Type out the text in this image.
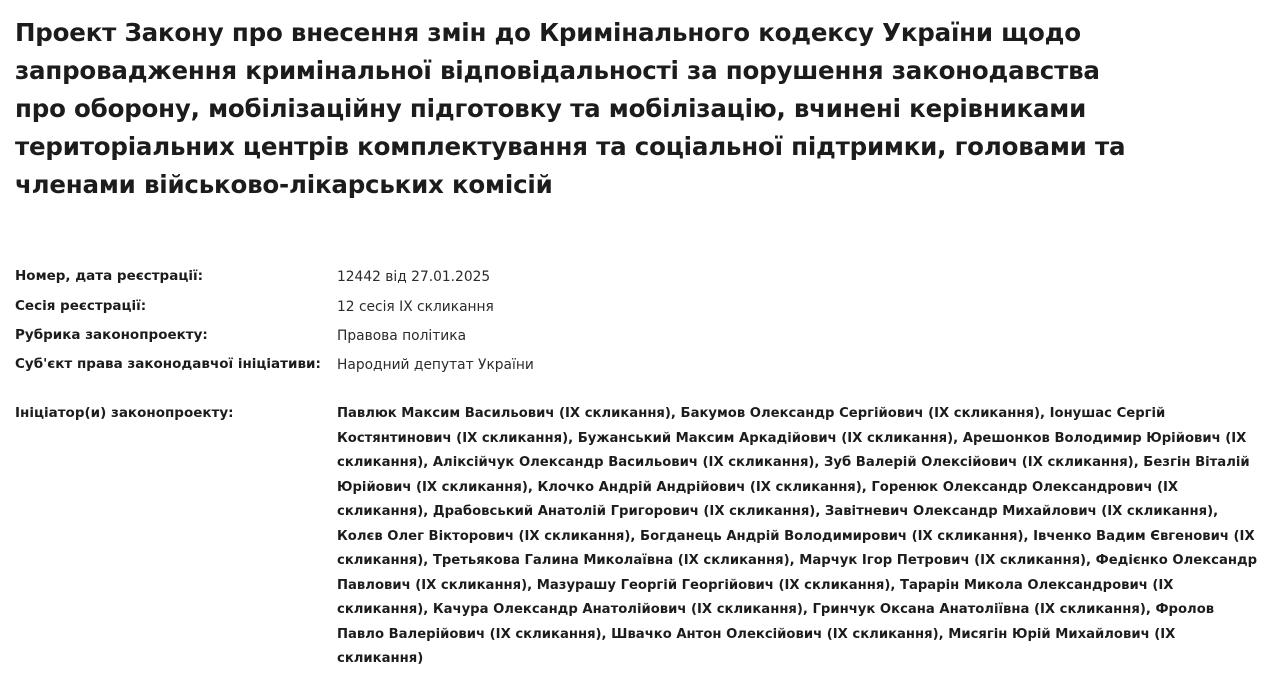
Проект Закону про внесення змін до Кримінального кодексу України щодо запровадження кримінальної відповідальності за порушення законодавства про оборону, мобілізаційну підготовку та мобілізацію, вчинені керівниками територіальних центрів комплектування та соціальної підтримки, головами та членами військово-лікарських комісій
Номер, дата реєстрації:	12442 від 27.01.2025
Сесія реєстрації:	12 сесія IX скликання
Рубрика законопроекту:	Правова політика
Суб'єкт права законодавчої ініціативи:	Народний депутат України
Ініціатор(и) законопроекту:	Павлюк Максим Васильович (IX скликання), Бакумов Олександр Сергійович (IX скликання), Іонушас Сергій Костянтинович (IX скликання), Бужанський Максим Аркадійович (IX скликання), Арешонков Володимир Юрійович (IX скликання), Аліксійчук Олександр Васильович (IX скликання), Зуб Валерій Олексійович (IX скликання), Безгін Віталій Юрійович (IX скликання), Клочко Андрій Андрійович (IX скликання), Горенюк Олександр Олександрович (IX скликання), Драбовський Анатолій Григорович (IX скликання), Завітневич Олександр Михайлович (IX скликання), Колєв Олег Вікторович (IX скликання), Богданець Андрій Володимирович (IX скликання), Івченко Вадим Євгенович (IX скликання), Третьякова Галина Миколаївна (IX скликання), Марчук Ігор Петрович (IX скликання), Федієнко Олександр Павлович (IX скликання), Мазурашу Георгій Георгійович (IX скликання), Тарарін Микола Олександрович (IX скликання), Качура Олександр Анатолійович (IX скликання), Гринчук Оксана Анатоліївна (IX скликання), Фролов Павло Валерійович (IX скликання), Швачко Антон Олексійович (IX скликання), Мисягін Юрій Михайлович (IX скликання)
